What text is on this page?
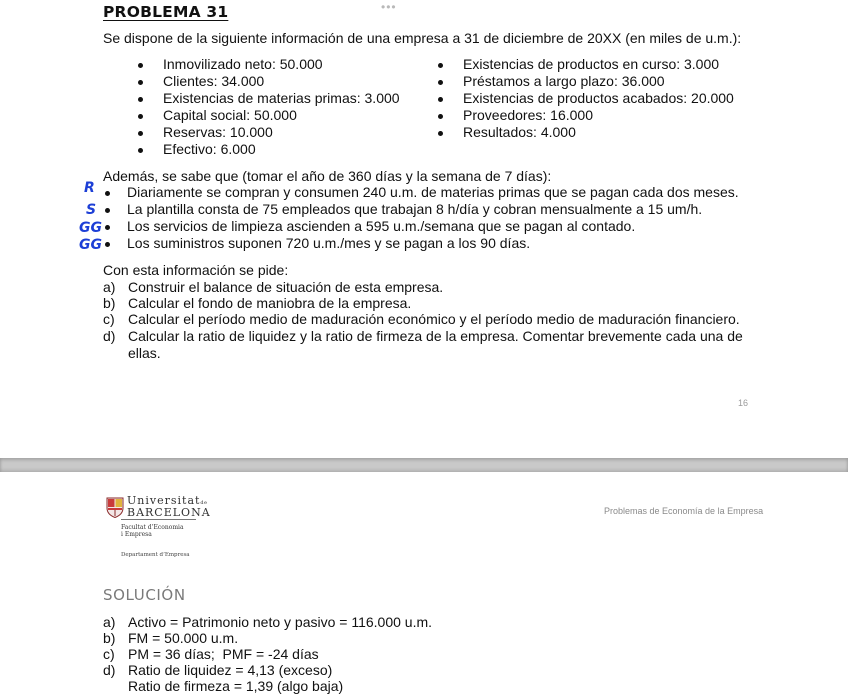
PROBLEMA 31	•••
Se dispone de la siguiente información de una empresa a 31 de diciembre de 20XX (en miles de u.m.):
Inmovilizado neto: 50.000
Clientes: 34.000
Existencias de materias primas: 3.000
Capital social: 50.000
Reservas: 10.000
Efectivo: 6.000
Existencias de productos en curso: 3.000
Préstamos a largo plazo: 36.000
Existencias de productos acabados: 20.000
Proveedores: 16.000
Resultados: 4.000
Además, se sabe que (tomar el año de 360 días y la semana de 7 días):
R
S
GG
GG
Diariamente se compran y consumen 240 u.m. de materias primas que se pagan cada dos meses.
La plantilla consta de 75 empleados que trabajan 8 h/día y cobran mensualmente a 15 um/h.
Los servicios de limpieza ascienden a 595 u.m./semana que se pagan al contado.
Los suministros suponen 720 u.m./mes y se pagan a los 90 días.
Con esta información se pide:
a) Construir el balance de situación de esta empresa.
b) Calcular el fondo de maniobra de la empresa.
c) Calcular el período medio de maduración económico y el período medio de maduración financiero.
d) Calcular la ratio de liquidez y la ratio de firmeza de la empresa. Comentar brevemente cada una de ellas.
16
Universitatde
BARCELONA
Facultat d’Economia
i Empresa
Departament d’Empresa
Problemas de Economía de la Empresa
SOLUCIÓN
a) Activo = Patrimonio neto y pasivo = 116.000 u.m.
b) FM = 50.000 u.m.
c) PM = 36 días;  PMF = -24 días
d) Ratio de liquidez = 4,13 (exceso)
Ratio de firmeza = 1,39 (algo baja)
